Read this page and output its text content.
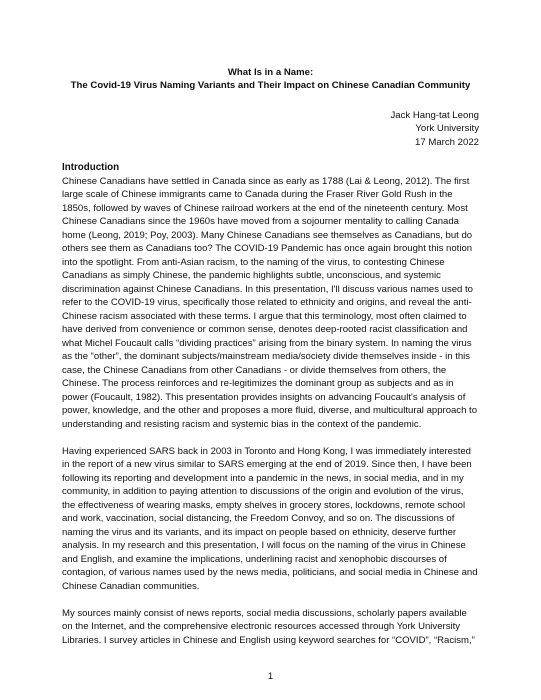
What Is in a Name:
The Covid-19 Virus Naming Variants and Their Impact on Chinese Canadian Community
Jack Hang-tat Leong
York University
17 March 2022
Introduction

Chinese Canadians have settled in Canada since as early as 1788 (Lai & Leong, 2012). The first large scale of Chinese immigrants came to Canada during the Fraser River Gold Rush in the 1850s, followed by waves of Chinese railroad workers at the end of the nineteenth century. Most Chinese Canadians since the 1960s have moved from a sojourner mentality to calling Canada home (Leong, 2019; Poy, 2003). Many Chinese Canadians see themselves as Canadians, but do others see them as Canadians too? The COVID-19 Pandemic has once again brought this notion into the spotlight. From anti-Asian racism, to the naming of the virus, to contesting Chinese Canadians as simply Chinese, the pandemic highlights subtle, unconscious, and systemic discrimination against Chinese Canadians. In this presentation, I'll discuss various names used to refer to the COVID-19 virus, specifically those related to ethnicity and origins, and reveal the anti-Chinese racism associated with these terms. I argue that this terminology, most often claimed to have derived from convenience or common sense, denotes deep-rooted racist classification and what Michel Foucault calls “dividing practices” arising from the binary system. In naming the virus as the “other”, the dominant subjects/mainstream media/society divide themselves inside - in this case, the Chinese Canadians from other Canadians - or divide themselves from others, the Chinese. The process reinforces and re-legitimizes the dominant group as subjects and as in power (Foucault, 1982). This presentation provides insights on advancing Foucault's analysis of power, knowledge, and the other and proposes a more fluid, diverse, and multicultural approach to understanding and resisting racism and systemic bias in the context of the pandemic.

Having experienced SARS back in 2003 in Toronto and Hong Kong, I was immediately interested in the report of a new virus similar to SARS emerging at the end of 2019. Since then, I have been following its reporting and development into a pandemic in the news, in social media, and in my community, in addition to paying attention to discussions of the origin and evolution of the virus, the effectiveness of wearing masks, empty shelves in grocery stores, lockdowns, remote school and work, vaccination, social distancing, the Freedom Convoy, and so on. The discussions of naming the virus and its variants, and its impact on people based on ethnicity, deserve further analysis. In my research and this presentation, I will focus on the naming of the virus in Chinese and English, and examine the implications, underlining racist and xenophobic discourses of contagion, of various names used by the news media, politicians, and social media in Chinese and Chinese Canadian communities.

My sources mainly consist of news reports, social media discussions, scholarly papers available on the Internet, and the comprehensive electronic resources accessed through York University Libraries. I survey articles in Chinese and English using keyword searches for “COVID”, “Racism,”

1
